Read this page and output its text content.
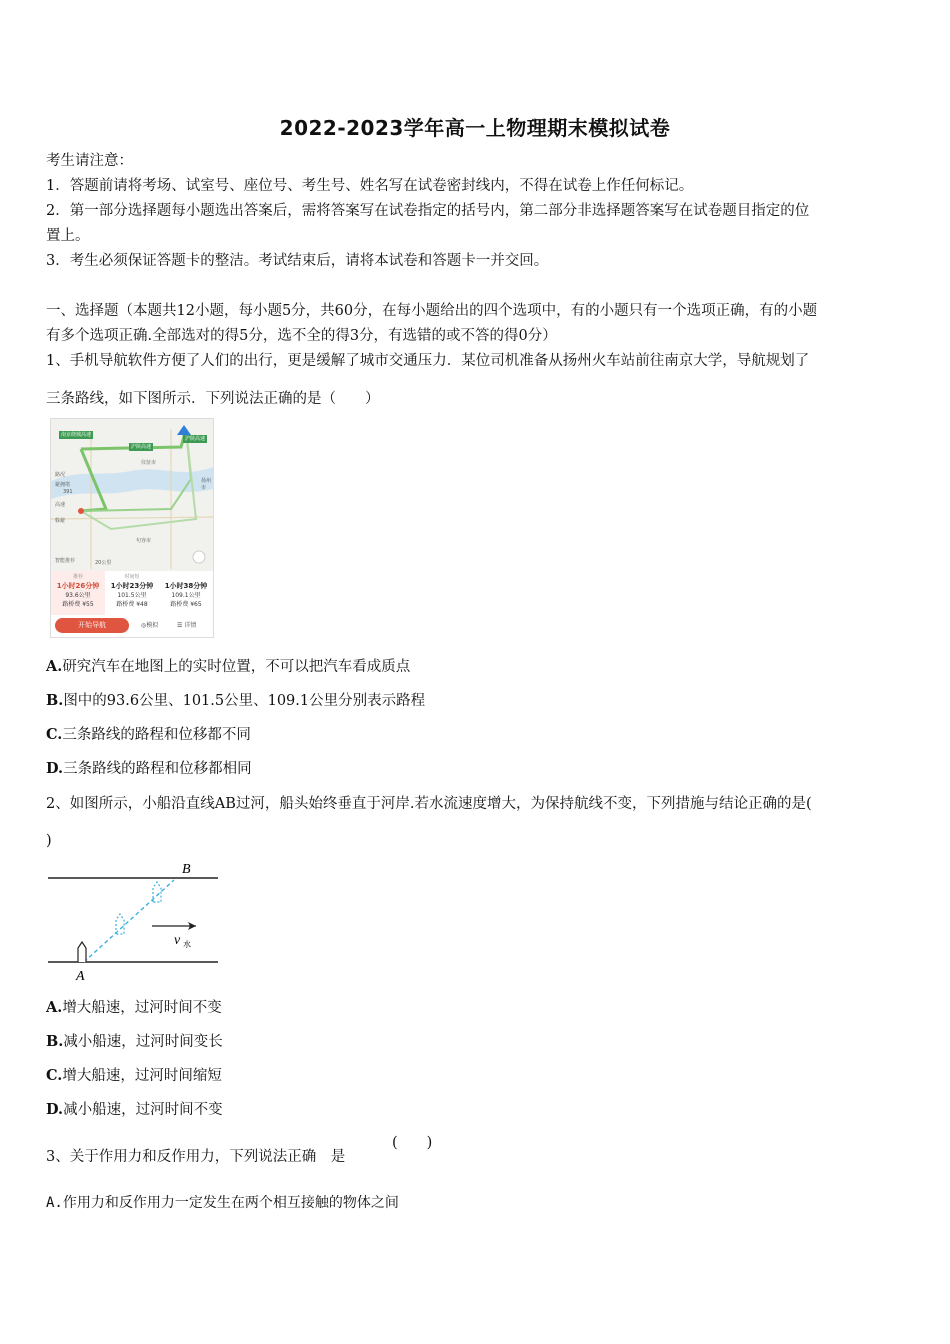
2022-2023学年高一上物理期末模拟试卷
考生请注意：
1．答题前请将考场、试室号、座位号、考生号、姓名写在试卷密封线内，不得在试卷上作任何标记。
2．第一部分选择题每小题选出答案后，需将答案写在试卷指定的括号内，第二部分非选择题答案写在试卷题目指定的位
置上。
3．考生必须保证答题卡的整洁。考试结束后，请将本试卷和答题卡一并交回。
一、选择题（本题共12小题，每小题5分，共60分，在每小题给出的四个选项中，有的小题只有一个选项正确，有的小题
有多个选项正确.全部选对的得5分，选不全的得3分，有选错的或不答的得0分）
1、手机导航软件方便了人们的出行，更是缓解了城市交通压力．某位司机准备从扬州火车站前往南京大学，导航规划了
三条路线，如下图所示．下列说法正确的是（　　）
南京绕城高速
沪陕高速
沪陕高速
仪征市
扬州市
句容市
391
20公里
路况
避拥堵
高速
躲避
智能推荐
推荐
1小时26分钟
93.6公里
路桥费 ¥55
时间短
1小时23分钟
101.5公里
路桥费 ¥48

1小时38分钟
109.1公里
路桥费 ¥65
开始导航	◎模拟	☰ 详情
A.研究汽车在地图上的实时位置，不可以把汽车看成质点
B.图中的93.6公里、101.5公里、109.1公里分别表示路程
C.三条路线的路程和位移都不同
D.三条路线的路程和位移都相同
2、如图所示，小船沿直线AB过河，船头始终垂直于河岸.若水流速度增大，为保持航线不变，下列措施与结论正确的是(
)
A
B
v 水
A.增大船速，过河时间不变
B.减小船速，过河时间变长
C.增大船速，过河时间缩短
D.减小船速，过河时间不变
3、关于作用力和反作用力，下列说法正确　是
(　　)
A.作用力和反作用力一定发生在两个相互接触的物体之间
